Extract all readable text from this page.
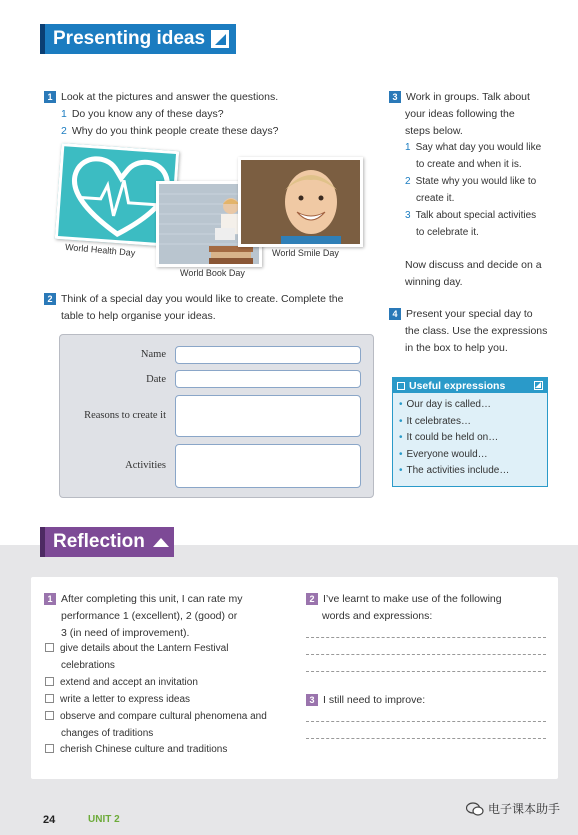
Presenting ideas
1 Look at the pictures and answer the questions.
1 Do you know any of these days?
2 Why do you think people create these days?
World Health Day
World Book Day
World Smile Day
2 Think of a special day you would like to create. Complete the
table to help organise your ideas.
Name
Date
Reasons to create it
Activities
3 Work in groups. Talk about
your ideas following the
steps below.
1 Say what day you would like
to create and when it is.
2 State why you would like to
create it.
3 Talk about special activities
to celebrate it.
Now discuss and decide on a
winning day.
4 Present your special day to
the class. Use the expressions
in the box to help you.
Useful expressions
• Our day is called…
• It celebrates…
• It could be held on…
• Everyone would…
• The activities include…
Reflection
1 After completing this unit, I can rate my
performance 1 (excellent), 2 (good) or
3 (in need of improvement).
give details about the Lantern Festival
celebrations
extend and accept an invitation
write a letter to express ideas
observe and compare cultural phenomena and
changes of traditions
cherish Chinese culture and traditions
2 I’ve learnt to make use of the following
words and expressions:
3 I still need to improve:
24	UNIT 2
电子课本助手
